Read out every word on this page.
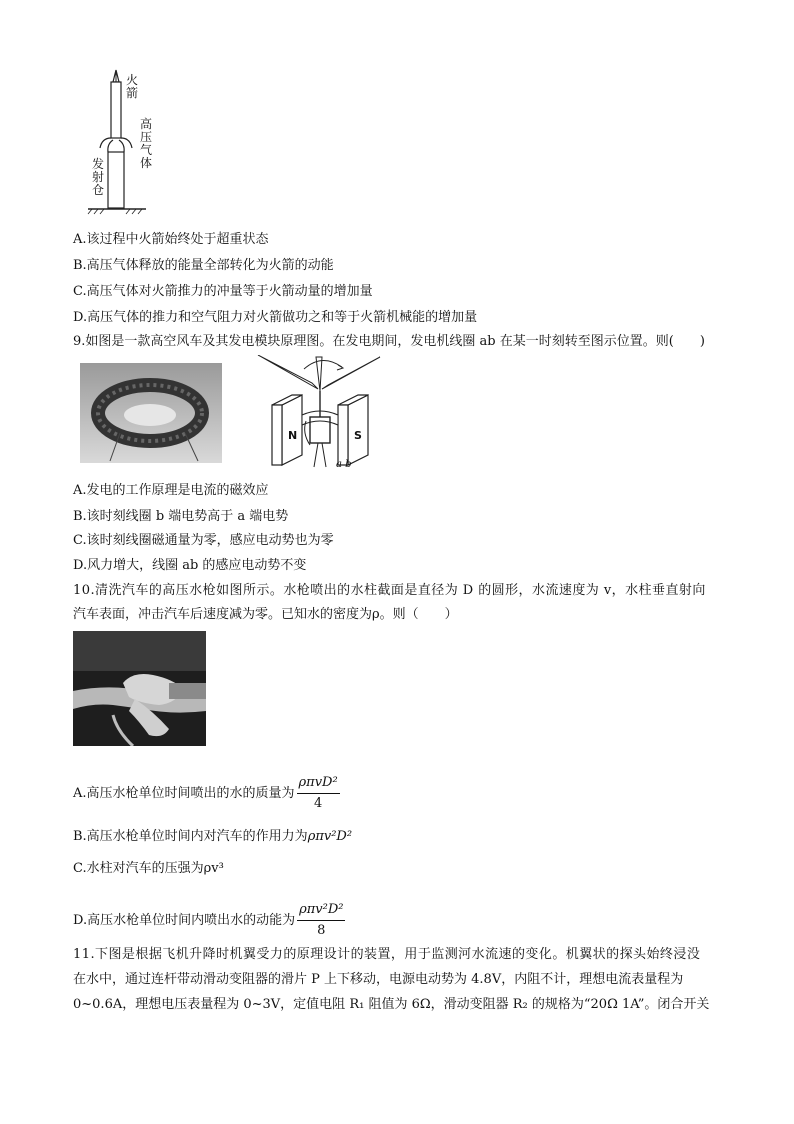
火箭
高压气体
发射仓
A.该过程中火箭始终处于超重状态
B.高压气体释放的能量全部转化为火箭的动能
C.高压气体对火箭推力的冲量等于火箭动量的增加量
D.高压气体的推力和空气阻力对火箭做功之和等于火箭机械能的增加量
9.如图是一款高空风车及其发电模块原理图。在发电期间，发电机线圈 ab 在某一时刻转至图示位置。则(　　)
N	S
a b
A.发电的工作原理是电流的磁效应
B.该时刻线圈 b 端电势高于 a 端电势
C.该时刻线圈磁通量为零，感应电动势也为零
D.风力增大，线圈 ab 的感应电动势不变
10.清洗汽车的高压水枪如图所示。水枪喷出的水柱截面是直径为 D 的圆形，水流速度为 v，水柱垂直射向
汽车表面，冲击汽车后速度减为零。已知水的密度为ρ。则（　　）
A.高压水枪单位时间喷出的水的质量为 $\frac{\text{ρπvD²}}{4}$
B.高压水枪单位时间内对汽车的作用力为ρπv²D²
C.水柱对汽车的压强为ρv³
D.高压水枪单位时间内喷出水的动能为 $\frac{\text{ρπv²D²}}{8}$
11.下图是根据飞机升降时机翼受力的原理设计的装置，用于监测河水流速的变化。机翼状的探头始终浸没
在水中，通过连杆带动滑动变阻器的滑片 P 上下移动，电源电动势为 4.8V，内阻不计，理想电流表量程为
0~0.6A，理想电压表量程为 0~3V，定值电阻 R₁ 阻值为 6Ω，滑动变阻器 R₂ 的规格为“20Ω 1A”。闭合开关
